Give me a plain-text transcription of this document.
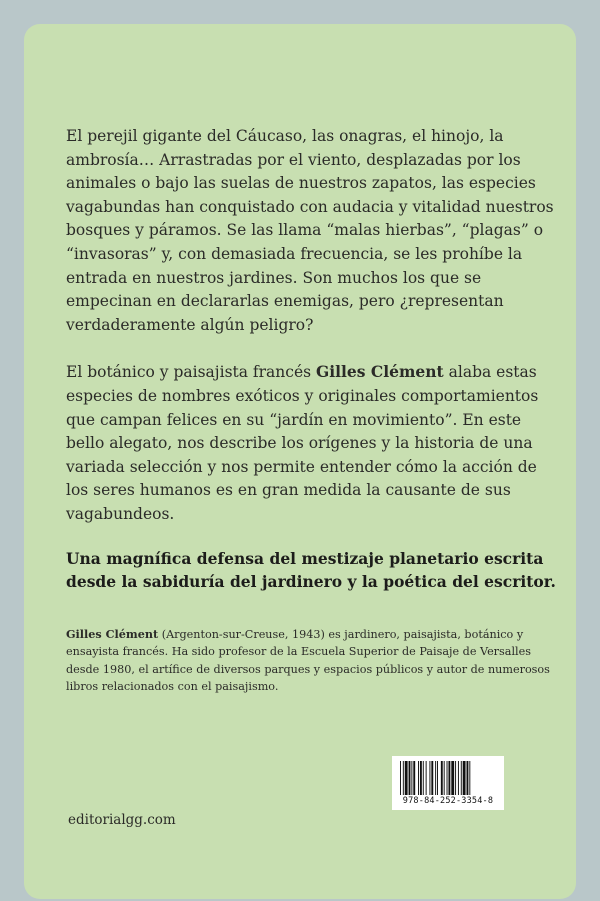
El perejil gigante del Cáucaso, las onagras, el hinojo, la ambrosía… Arrastradas por el viento, desplazadas por los animales o bajo las suelas de nuestros zapatos, las especies vagabundas han conquistado con audacia y vitalidad nuestros bosques y páramos. Se las llama “malas hierbas”, “plagas” o “invasoras” y, con demasiada frecuencia, se les prohíbe la entrada en nuestros jardines. Son muchos los que se empecinan en declararlas enemigas, pero ¿representan verdaderamente algún peligro?

El botánico y paisajista francés Gilles Clément alaba estas especies de nombres exóticos y originales comportamientos que campan felices en su “jardín en movimiento”. En este bello alegato, nos describe los orígenes y la historia de una variada selección y nos permite entender cómo la acción de los seres humanos es en gran medida la causante de sus vagabundeos.

Una magnífica defensa del mestizaje planetario escrita desde la sabiduría del jardinero y la poética del escritor.

Gilles Clément (Argenton-sur-Creuse, 1943) es jardinero, paisajista, botánico y ensayista francés. Ha sido profesor de la Escuela Superior de Paisaje de Versalles desde 1980, el artífice de diversos parques y espacios públicos y autor de numerosos libros relacionados con el paisajismo.

editorialgg.com
978-84-252-3354-8
